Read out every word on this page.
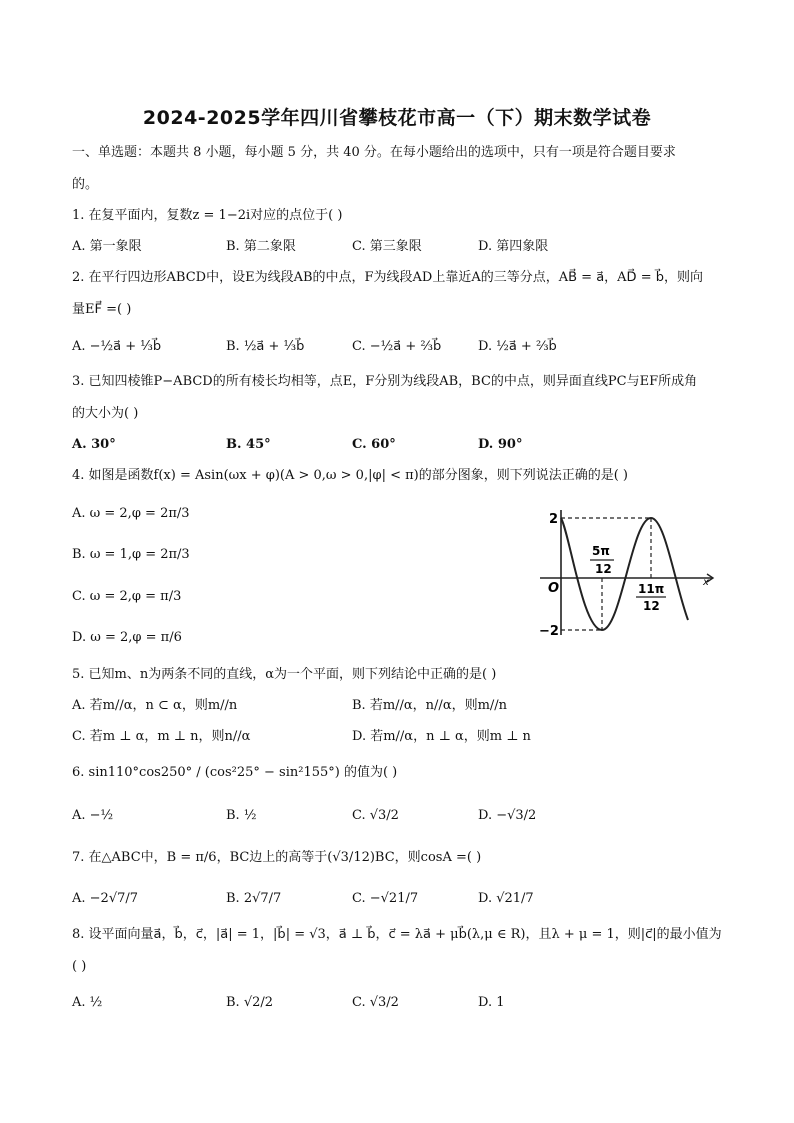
2024-2025学年四川省攀枝花市高一（下）期末数学试卷
一、单选题：本题共 8 小题，每小题 5 分，共 40 分。在每小题给出的选项中，只有一项是符合题目要求
的。
1. 在复平面内，复数z = 1−2i对应的点位于( )
A. 第一象限	B. 第二象限	C. 第三象限	D. 第四象限
2. 在平行四边形ABCD中，设E为线段AB的中点，F为线段AD上靠近A的三等分点，AB⃗ = a⃗，AD⃗ = b⃗，则向
量EF⃗ =( )
A. −½a⃗ + ⅓b⃗	B. ½a⃗ + ⅓b⃗	C. −½a⃗ + ⅔b⃗	D. ½a⃗ + ⅔b⃗
3. 已知四棱锥P−ABCD的所有棱长均相等，点E，F分别为线段AB，BC的中点，则异面直线PC与EF所成角
的大小为( )
A. 30°	B. 45°	C. 60°	D. 90°
4. 如图是函数f(x) = Asin(ωx + φ)(A > 0,ω > 0,|φ| < π)的部分图象，则下列说法正确的是( )
A. ω = 2,φ = 2π/3
B. ω = 1,φ = 2π/3
C. ω = 2,φ = π/3
D. ω = 2,φ = π/6
2
−2
O	x
5π
12
11π
12
5. 已知m、n为两条不同的直线，α为一个平面，则下列结论中正确的是( )
A. 若m//α，n ⊂ α，则m//n	B. 若m//α，n//α，则m//n
C. 若m ⊥ α，m ⊥ n，则n//α	D. 若m//α，n ⊥ α，则m ⊥ n
6. sin110°cos250° / (cos²25° − sin²155°) 的值为( )
A. −½	B. ½	C. √3/2	D. −√3/2
7. 在△ABC中，B = π/6，BC边上的高等于(√3/12)BC，则cosA =( )
A. −2√7/7	B. 2√7/7	C. −√21/7	D. √21/7
8. 设平面向量a⃗，b⃗，c⃗，|a⃗| = 1，|b⃗| = √3，a⃗ ⊥ b⃗，c⃗ = λa⃗ + μb⃗(λ,μ ∈ R)，且λ + μ = 1，则|c⃗|的最小值为
( )
A. ½	B. √2/2	C. √3/2	D. 1
